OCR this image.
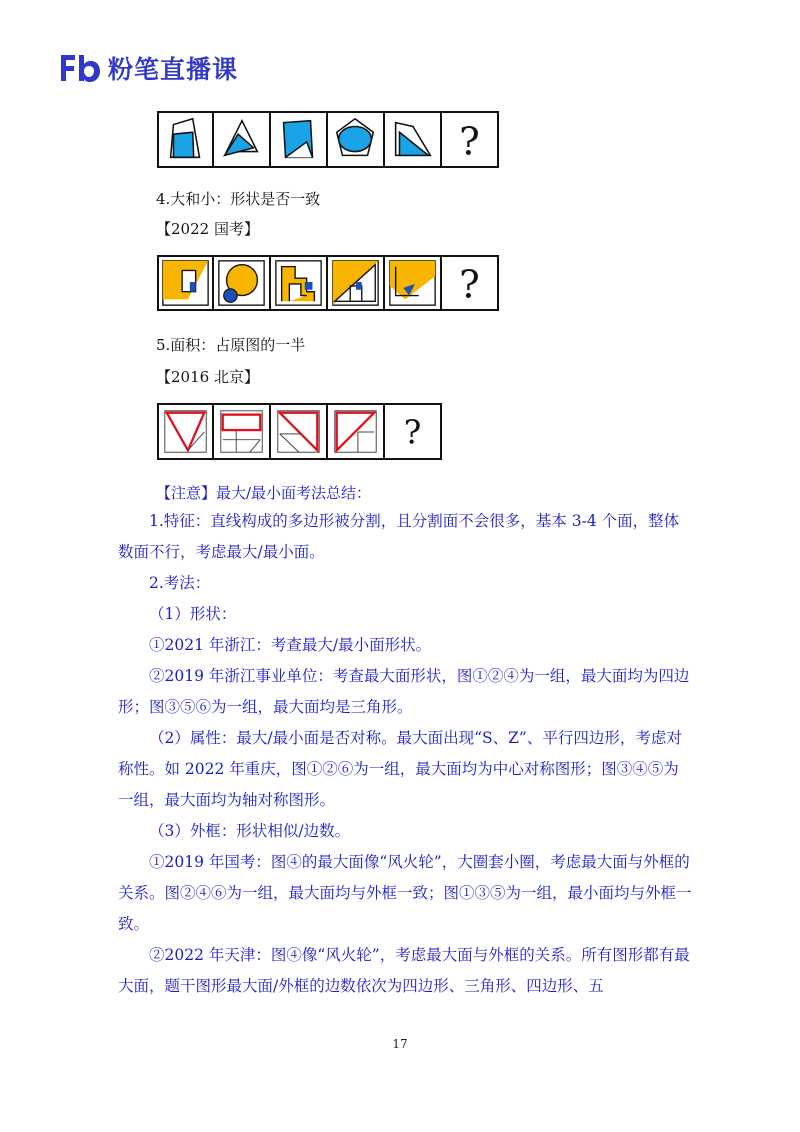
粉笔直播课
?
4.大和小：形状是否一致
【2022 国考】
?
5.面积：占原图的一半
【2016 北京】
?
【注意】最大/最小面考法总结：
1.特征：直线构成的多边形被分割，且分割面不会很多，基本 3-4 个面，整体数面不行，考虑最大/最小面。
2.考法：
（1）形状：
①2021 年浙江：考查最大/最小面形状。
②2019 年浙江事业单位：考查最大面形状，图①②④为一组，最大面均为四边形；图③⑤⑥为一组，最大面均是三角形。
（2）属性：最大/最小面是否对称。最大面出现“S、Z”、平行四边形，考虑对称性。如 2022 年重庆，图①②⑥为一组，最大面均为中心对称图形；图③④⑤为一组，最大面均为轴对称图形。
（3）外框：形状相似/边数。
①2019 年国考：图④的最大面像“风火轮”，大圈套小圈，考虑最大面与外框的关系。图②④⑥为一组，最大面均与外框一致；图①③⑤为一组，最小面均与外框一致。
②2022 年天津：图④像“风火轮”，考虑最大面与外框的关系。所有图形都有最大面，题干图形最大面/外框的边数依次为四边形、三角形、四边形、五
17
